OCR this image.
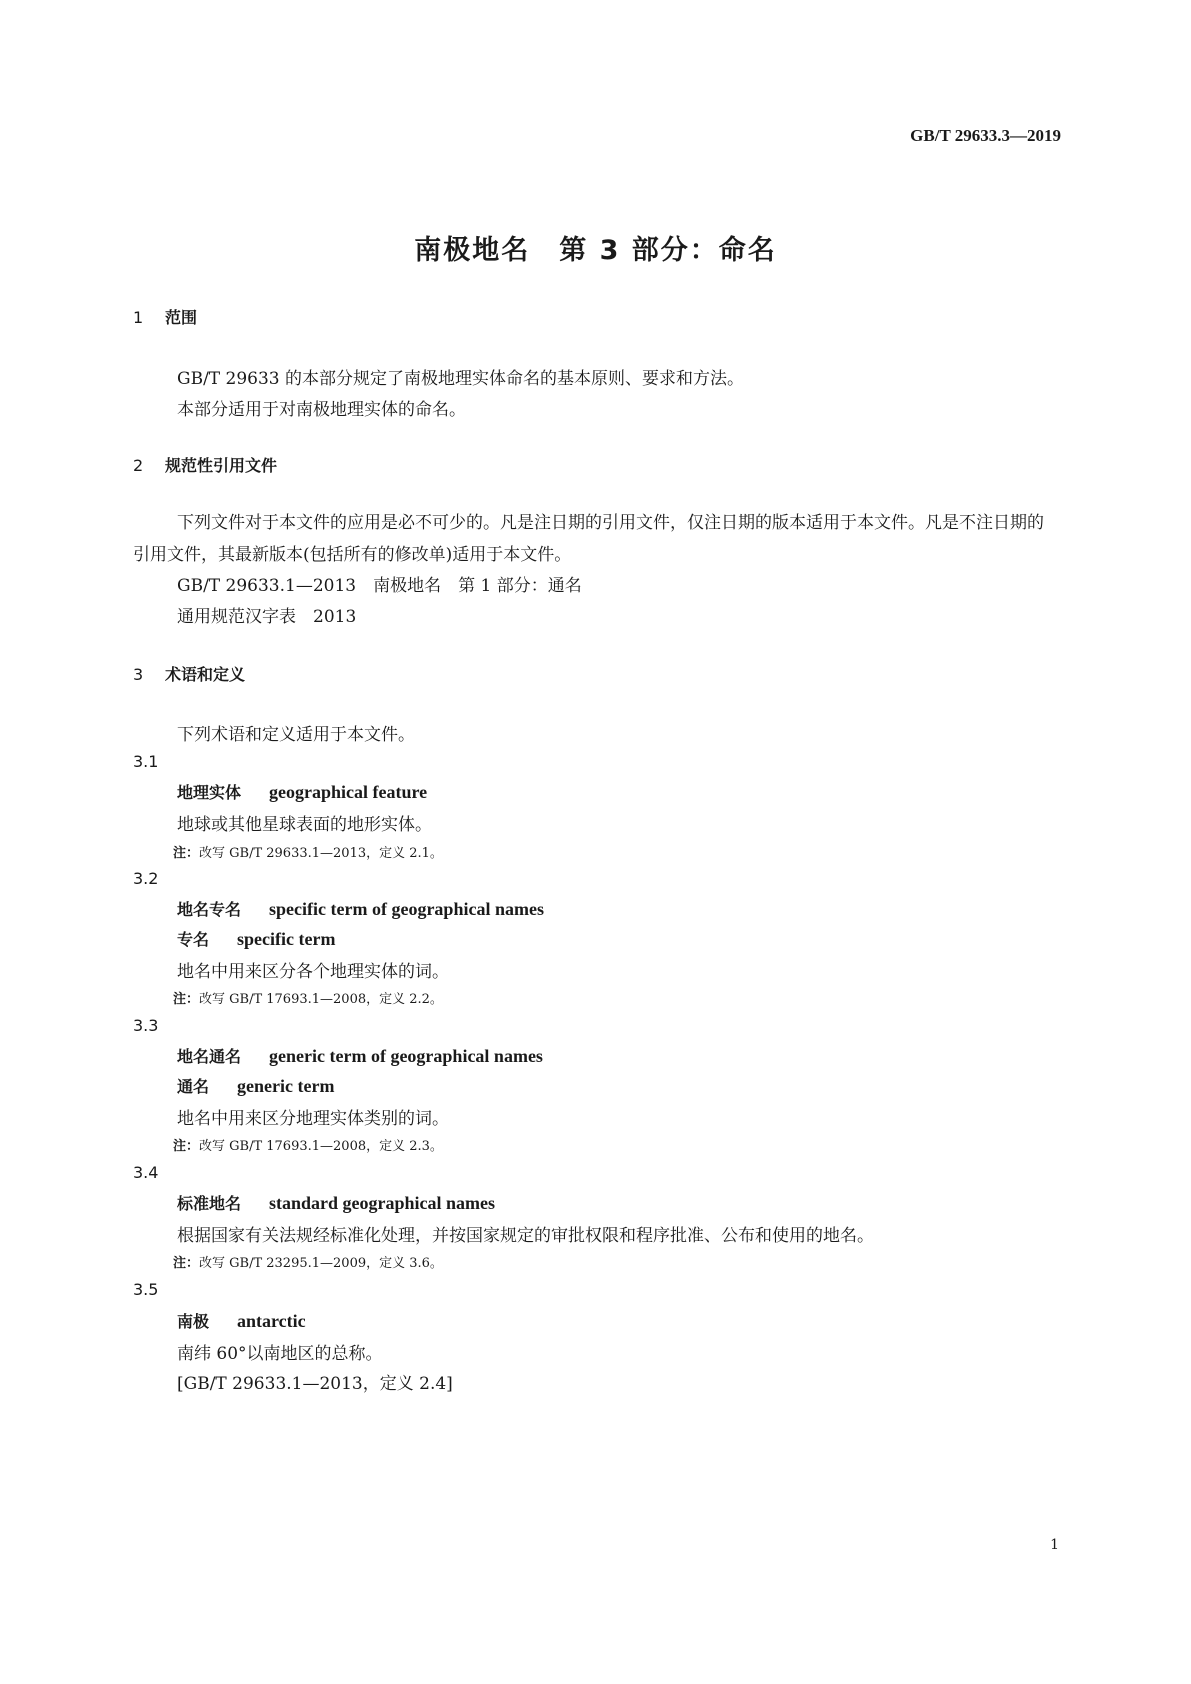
GB/T 29633.3—2019
南极地名　第 3 部分：命名
1 范围
GB/T 29633 的本部分规定了南极地理实体命名的基本原则、要求和方法。
本部分适用于对南极地理实体的命名。
2 规范性引用文件
下列文件对于本文件的应用是必不可少的。凡是注日期的引用文件，仅注日期的版本适用于本文件。凡是不注日期的引用文件，其最新版本(包括所有的修改单)适用于本文件。
GB/T 29633.1—2013　南极地名　第 1 部分：通名
通用规范汉字表　2013
3 术语和定义
下列术语和定义适用于本文件。
3.1
地理实体 geographical feature
地球或其他星球表面的地形实体。
注：改写 GB/T 29633.1—2013，定义 2.1。
3.2
地名专名 specific term of geographical names
专名 specific term
地名中用来区分各个地理实体的词。
注：改写 GB/T 17693.1—2008，定义 2.2。
3.3
地名通名 generic term of geographical names
通名 generic term
地名中用来区分地理实体类别的词。
注：改写 GB/T 17693.1—2008，定义 2.3。
3.4
标准地名 standard geographical names
根据国家有关法规经标准化处理，并按国家规定的审批权限和程序批准、公布和使用的地名。
注：改写 GB/T 23295.1—2009，定义 3.6。
3.5
南极 antarctic
南纬 60°以南地区的总称。
[GB/T 29633.1—2013，定义 2.4]
1
